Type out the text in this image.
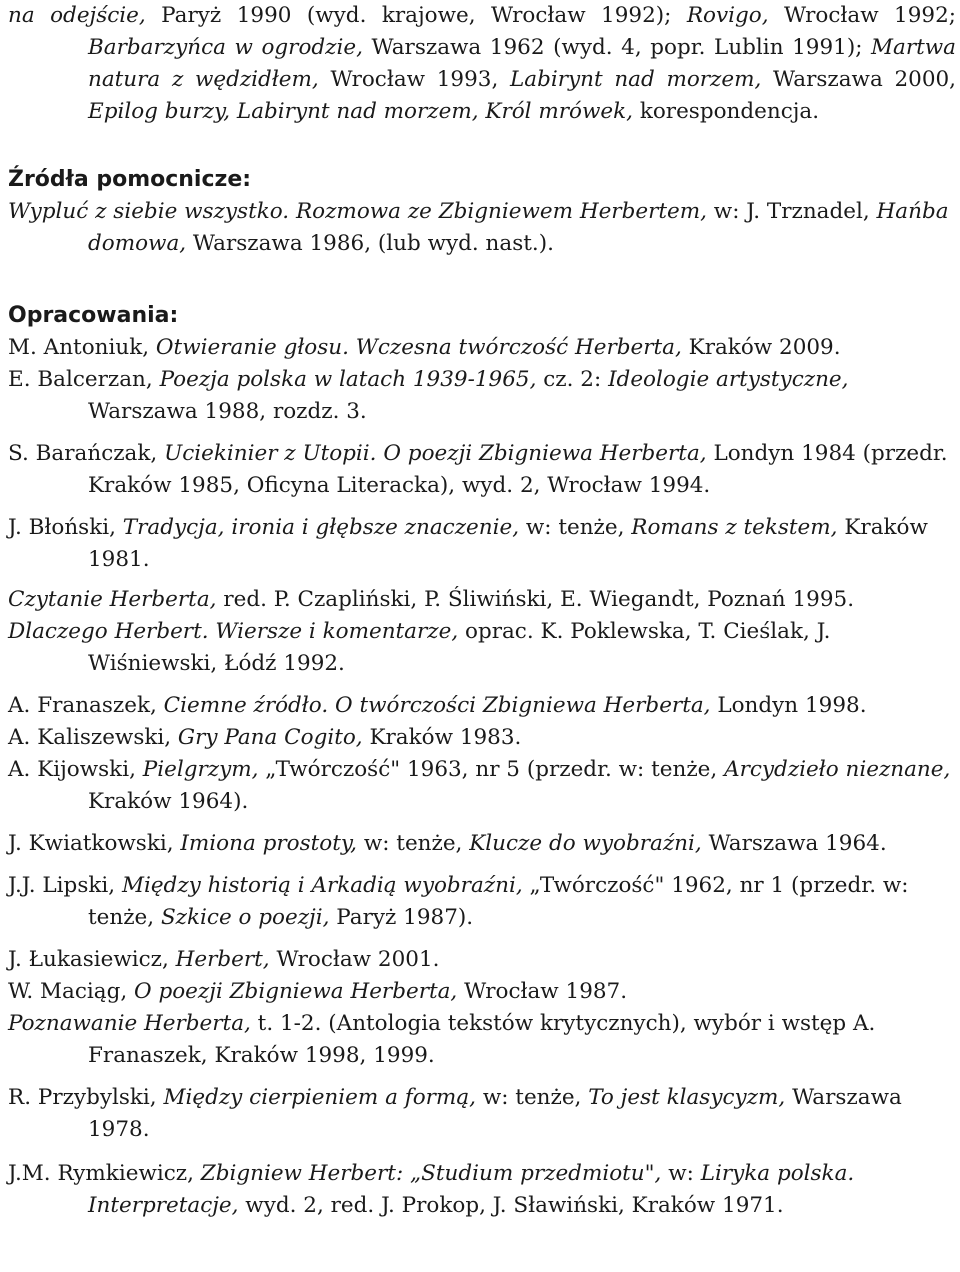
na odejście, Paryż 1990 (wyd. krajowe, Wrocław 1992); Rovigo, Wrocław 1992; Barbarzyńca w ogrodzie, Warszawa 1962 (wyd. 4, popr. Lublin 1991); Martwa natura z wędzidłem, Wrocław 1993, Labirynt nad morzem, Warszawa 2000, Epilog burzy, Labirynt nad morzem, Król mrówek, korespondencja.

Źródła pomocnicze:

Wypluć z siebie wszystko. Rozmowa ze Zbigniewem Herbertem, w: J. Trznadel, Hańba domowa, Warszawa 1986, (lub wyd. nast.).

Opracowania:

M. Antoniuk, Otwieranie głosu. Wczesna twórczość Herberta, Kraków 2009.

E. Balcerzan, Poezja polska w latach 1939-1965, cz. 2: Ideologie artystyczne, Warszawa 1988, rozdz. 3.

S. Barańczak, Uciekinier z Utopii. O poezji Zbigniewa Herberta, Londyn 1984 (przedr. Kraków 1985, Oficyna Literacka), wyd. 2, Wrocław 1994.

J. Błoński, Tradycja, ironia i głębsze znaczenie, w: tenże, Romans z tekstem, Kraków 1981.

Czytanie Herberta, red. P. Czapliński, P. Śliwiński, E. Wiegandt, Poznań 1995.

Dlaczego Herbert. Wiersze i komentarze, oprac. K. Poklewska, T. Cieślak, J. Wiśniewski, Łódź 1992.

A. Franaszek, Ciemne źródło. O twórczości Zbigniewa Herberta, Londyn 1998.

A. Kaliszewski, Gry Pana Cogito, Kraków 1983.

A. Kijowski, Pielgrzym, „Twórczość" 1963, nr 5 (przedr. w: tenże, Arcydzieło nieznane, Kraków 1964).

J. Kwiatkowski, Imiona prostoty, w: tenże, Klucze do wyobraźni, Warszawa 1964.

J.J. Lipski, Między historią i Arkadią wyobraźni, „Twórczość" 1962, nr 1 (przedr. w: tenże, Szkice o poezji, Paryż 1987).

J. Łukasiewicz, Herbert, Wrocław 2001.

W. Maciąg, O poezji Zbigniewa Herberta, Wrocław 1987.

Poznawanie Herberta, t. 1-2. (Antologia tekstów krytycznych), wybór i wstęp A. Franaszek, Kraków 1998, 1999.

R. Przybylski, Między cierpieniem a formą, w: tenże, To jest klasycyzm, Warszawa 1978.

J.M. Rymkiewicz, Zbigniew Herbert: „Studium przedmiotu", w: Liryka polska. Interpretacje, wyd. 2, red. J. Prokop, J. Sławiński, Kraków 1971.
